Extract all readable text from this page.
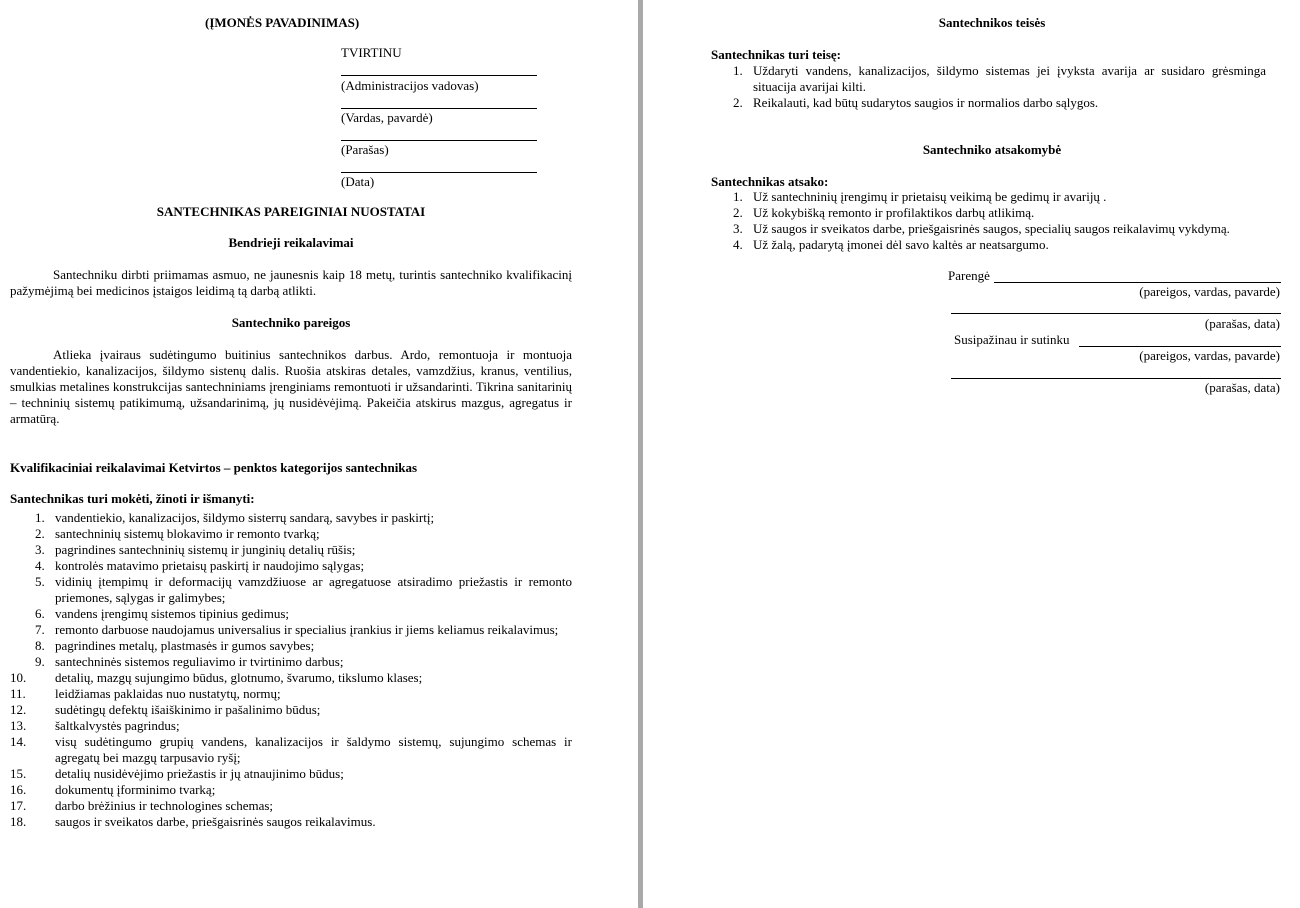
(ĮMONĖS PAVADINIMAS)
TVIRTINU
(Administracijos vadovas)
(Vardas, pavardė)
(Parašas)
(Data)
SANTECHNIKAS PAREIGINIAI NUOSTATAI
Bendrieji reikalavimai
Santechniku dirbti priimamas asmuo, ne jaunesnis kaip 18 metų, turintis santechniko kvalifikacinį pažymėjimą bei medicinos įstaigos leidimą tą darbą atlikti.
Santechniko pareigos
Atlieka įvairaus sudėtingumo buitinius santechnikos darbus. Ardo, remontuoja ir montuoja vandentiekio, kanalizacijos, šildymo sistenų dalis. Ruošia atskiras detales, vamzdžius, kranus, ventilius, smulkias metalines konstrukcijas santechniniams įrenginiams remontuoti ir užsandarinti. Tikrina sanitarinių – techninių sistemų patikimumą, užsandarinimą, jų nusidėvėjimą. Pakeičia atskirus mazgus, agregatus ir armatūrą.
Kvalifikaciniai reikalavimai Ketvirtos – penktos kategorijos santechnikas
Santechnikas turi mokėti, žinoti ir išmanyti:
1. vandentiekio, kanalizacijos, šildymo sisterrų sandarą, savybes ir paskirtį;
2. santechninių sistemų blokavimo ir remonto tvarką;
3. pagrindines santechninių sistemų ir junginių detalių rūšis;
4. kontrolės matavimo prietaisų paskirtį ir naudojimo sąlygas;
5. vidinių įtempimų ir deformacijų vamzdžiuose ar agregatuose atsiradimo priežastis ir remonto priemones, sąlygas ir galimybes;
6. vandens įrengimų sistemos tipinius gedimus;
7. remonto darbuose naudojamus universalius ir specialius įrankius ir jiems keliamus reikalavimus;
8. pagrindines metalų, plastmasės ir gumos savybes;
9. santechninės sistemos reguliavimo ir tvirtinimo darbus;
10. detalių, mazgų sujungimo būdus, glotnumo, švarumo, tikslumo klases;
11. leidžiamas paklaidas nuo nustatytų, normų;
12. sudėtingų defektų išaiškinimo ir pašalinimo būdus;
13. šaltkalvystės pagrindus;
14. visų sudėtingumo grupių vandens, kanalizacijos ir šaldymo sistemų, sujungimo schemas ir agregatų bei mazgų tarpusavio ryšį;
15. detalių nusidėvėjimo priežastis ir jų atnaujinimo būdus;
16. dokumentų įforminimo tvarką;
17. darbo brėžinius ir technologines schemas;
18. saugos ir sveikatos darbe, priešgaisrinės saugos reikalavimus.
Santechnikos teisės
Santechnikas turi teisę:
1. Uždaryti vandens, kanalizacijos, šildymo sistemas jei įvyksta avarija ar susidaro grėsminga situacija avarijai kilti.
2. Reikalauti, kad būtų sudarytos saugios ir normalios darbo sąlygos.
Santechniko atsakomybė
Santechnikas atsako:
1. Už santechninių įrengimų ir prietaisų veikimą be gedimų ir avarijų .
2. Už kokybišką remonto ir profilaktikos darbų atlikimą.
3. Už saugos ir sveikatos darbe, priešgaisrinės saugos, specialių saugos reikalavimų vykdymą.
4. Už žalą, padarytą įmonei dėl savo kaltės ar neatsargumo.
Parengė
(pareigos, vardas, pavarde)
(parašas, data)
Susipažinau ir sutinku
(pareigos, vardas, pavarde)
(parašas, data)
